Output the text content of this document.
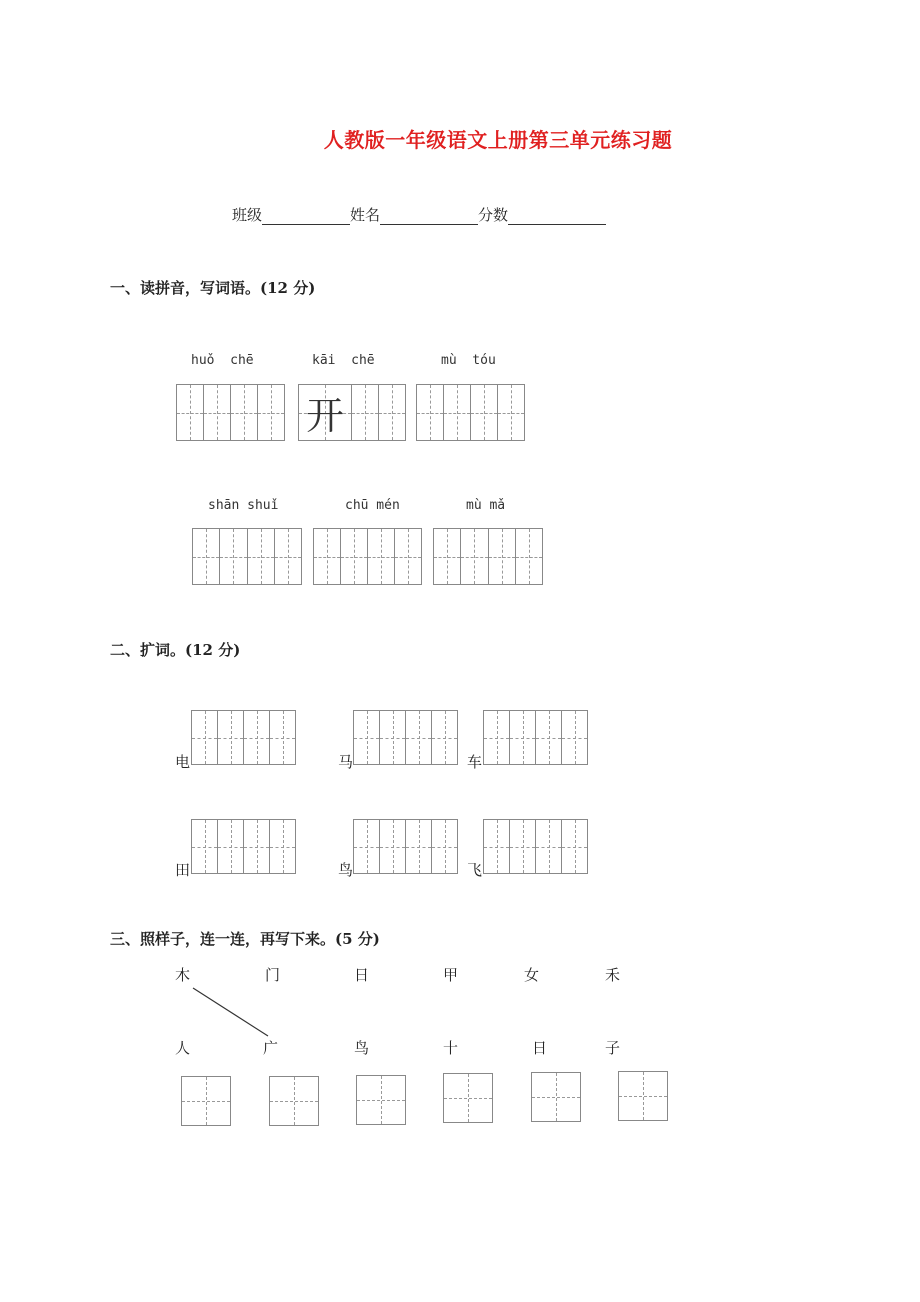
人教版一年级语文上册第三单元练习题
班级	姓名	分数
一、读拼音，写词语。(12 分)
huǒ  chē	kāi  chē	mù  tóu
开
shān shuǐ	chū mén	mù mǎ
二、扩词。(12 分)
电	马	车
田	鸟	飞
三、照样子，连一连，再写下来。(5 分)
木	门	日	甲	女	禾
人	广	鸟	十	日	子
